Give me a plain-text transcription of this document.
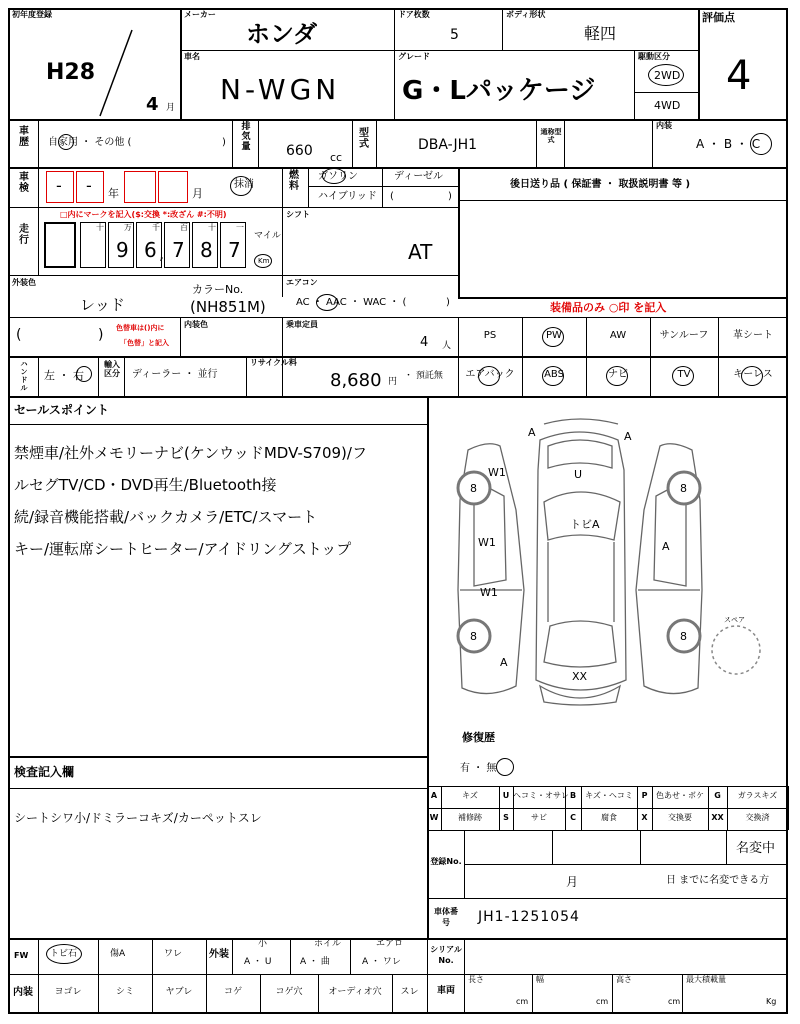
初年度登録
H28
4 月
メーカー
ホンダ
車名
N-WGN
ドア枚数
5
ボディ形状
軽四
グレード
G・Lパッケージ
駆動区分
2WD
4WD
評価点
4
車歴 自家用 ・ その他 (	)
排気量	660 cc
型式	DBA-JH1
通称型式
内装
A ・ B ・ C
車検 - - 年	月
抹消
燃料
ガソリン	ディーゼル
ハイブリッド (	)
後日送り品 ( 保証書 ・ 取扱説明書 等 )
走行
□内にマークを記入($:交換 *:改ざん #:不明)
十	万
9
千
6
百
7
十
8
一
7
,
マイル
Km
シフト
AT
外装色
レッド
カラーNo.
(NH851M)
エアコン
AC ・ AAC ・ WAC ・ (	)	装備品のみ ○印 を記入
(	) 色替車は()内に
「色替」と記入
内装色	乗車定員
4 人
PS	PW	AW	サンルーフ	革シート
エアバック	ABS	ナビ	TV	キーレス
ハンドル
左 ・ 右
輸入区分 ディーラー ・ 並行
リサイクル料
8,680 円
・ 預託無
セールスポイント
禁煙車/社外メモリーナビ(ケンウッドMDV-S709)/フ
ルセグTV/CD・DVD再生/Bluetooth接
続/録音機能搭載/バックカメラ/ETC/スマート
キー/運転席シートヒーター/アイドリングストップ
検査記入欄
シートシワ小/ドミラーコキズ/カーペットスレ
A	A
U
W1
トビA
W1
W1
A
XX
A
8	8
8	8
スペア
修復歴
有 ・ 無
A	キズ	U ヘコミ・オサレ B	キズ・ヘコミ	P	色あせ・ボケ	G	ガラスキズ
W	補修跡	S	サビ	C	腐食	X	交換要	XX	交換済
登録No.
名変中
月	日 までに名変できる方
車体番号	JH1-1251054
FW トビ石	傷A	ワレ	外装
小
A ・ U
ホイル
A ・ 曲
エアロ
A ・ ワレ
シリアルNo.
内装	ヨゴレ	シミ	ヤブレ	コゲ	コゲ穴	オーディオ穴	スレ	車両
長さ	幅	高さ	最大積載量
cm	cm	cm	Kg
